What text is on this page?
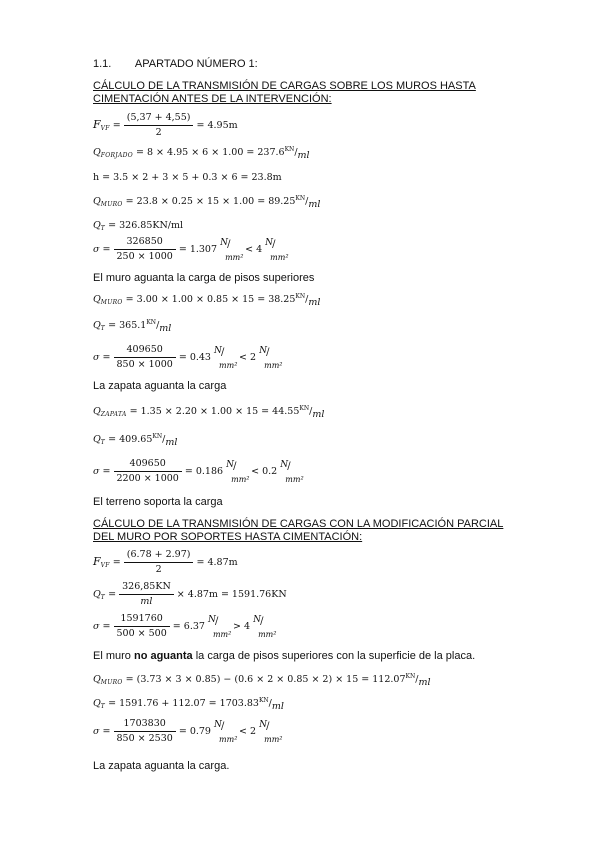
1.1. APARTADO NÚMERO 1:
CÁLCULO DE LA TRANSMISIÓN DE CARGAS SOBRE LOS MUROS HASTA
CIMENTACIÓN ANTES DE LA INTERVENCIÓN:
$F_{VF} = \frac{(5,37 + 4,55)}{2} = 4.95m$
$Q_{FORJADO} = 8 \times 4.95 \times 6 \times 1.00 = 237.6^{KN}/ml$
h = 3.5 × 2 + 3 × 5 + 0.3 × 6 = 23.8m
$Q_{MURO} = 23.8 \times 0.25 \times 15 \times 1.00 = 89.25^{KN}/ml$
$Q_T = 326.85KN/ml$
$\sigma = \frac{326850}{250 \times 1000} = 1.307$
N /
mm²
< 4
N /
mm²
El muro aguanta la carga de pisos superiores
$Q_{MURO} = 3.00 \times 1.00 \times 0.85 \times 15 = 38.25^{KN}/ml$
$Q_T = 365.1^{KN}/ml$
$\sigma = \frac{409650}{850 \times 1000} = 0.43$
N /
mm²
< 2
N /
mm²
La zapata aguanta la carga
$Q_{ZAPATA} = 1.35 \times 2.20 \times 1.00 \times 15 = 44.55^{KN}/ml$
$Q_T = 409.65^{KN}/ml$
$\sigma = \frac{409650}{2200 \times 1000} = 0.186$
N /
mm²
< 0.2
N /
mm²
El terreno soporta la carga
CÁLCULO DE LA TRANSMISIÓN DE CARGAS CON LA MODIFICACIÓN PARCIAL
DEL MURO POR SOPORTES HASTA CIMENTACIÓN:
$F_{VF} = \frac{(6.78 + 2.97)}{2} = 4.87m$
$Q_T = \frac{326,85KN}{ml} \times 4.87m = 1591.76KN$
$\sigma = \frac{1591760}{500 \times 500} = 6.37$
N /
mm²
> 4
N /
mm²
El muro no aguanta la carga de pisos superiores con la superficie de la placa.
$Q_{MURO} = (3.73 \times 3 \times 0.85) - (0.6 \times 2 \times 0.85 \times 2) \times 15 = 112.07^{KN}/ml$
$Q_T = 1591.76 + 112.07 = 1703.83^{KN}/ml$
$\sigma = \frac{1703830}{850 \times 2530} = 0.79$
N /
mm²
< 2
N /
mm²
La zapata aguanta la carga.
